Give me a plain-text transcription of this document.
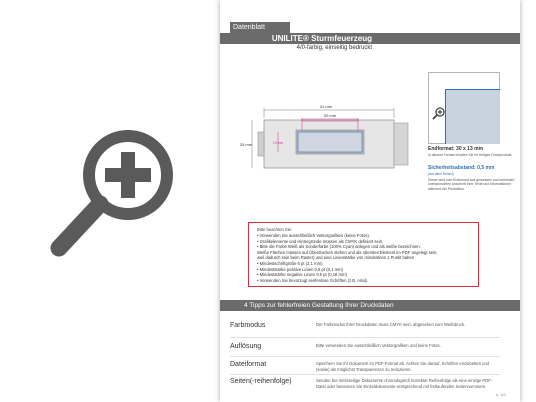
Datenblatt
UNILITE® Sturmfeuerzeug
4/0-farbig, einseitig bedruckt
41 mm
30 mm
25 mm	13 mm
Endformat: 30 x 13 mm
In diesem Format erhalten Sie Ihr fertiges Druckprodukt.
Sicherheitsabstand: 0,5 mm
(auf allen Seiten)
Dieser wird vom Endformat aus gemessen und verhindert unerwünschten Anschnitt Ihrer Texte und Informationen während der Produktion.
Bitte beachten Sie:
• Verwenden Sie ausschließlich Vektorgrafiken (keine Fotos).
• Grafikelemente und Hintergründe müssen als CMYK definiert sein.
• Bitte die Farbe Weiß als Sonderfarbe (100% Cyan) anlegen und als weiße bezeichnen.
Weiße Flächen müssen auf Überdrucken stehen und als oberstes Element im PDF angelegt sein,
weil dadurch sein beim Raster) und eine Linienstärke von mindestens 1 Punkt haben
• Mindestschriftgröße 6 pt (2,1 mm)
• Mindeststärke positive Linien 0,5 pt (0,1 mm)
• Mindeststärke negative Linien 0,5 pt (0,18 mm)
• Verwenden Sie bevorzugt serifenlose Schriften (z.B. Arial).
4 Tipps zur fehlerfreien Gestaltung Ihrer Druckdaten
Farbmodus	Der Farbmodus Ihrer Druckdaten muss CMYK sein, abgesehen vom Weißdruck.
Auflösung	Bitte verwenden Sie ausschließlich Vektorgrafiken und keine Fotos.
Dateiformat	Speichern Sie Ihr Dokument im PDF-Format ab. Achten Sie darauf, Schriften einzubetten und (sowie) als möglichst Transparenzen zu reduzieren.
Seiten(-reihenfolge)	Senden Sie mehrseitige Dokumente chronologisch korrekter Reihenfolge als eine einzige PDF-Datei oder benennen Sie Einzeldokumente entsprechend mit fortlaufenden Seitennummern.
s. 1/2
